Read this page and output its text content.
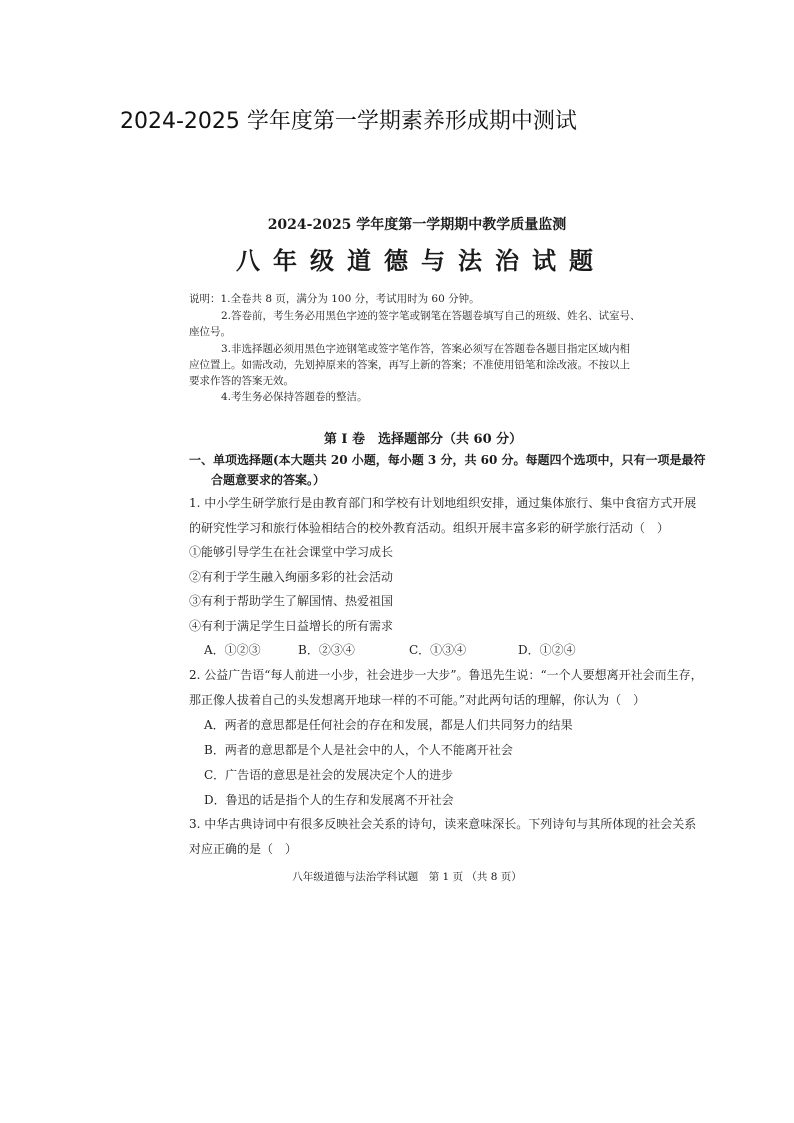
2024-2025 学年度第一学期素养形成期中测试
2024-2025 学年度第一学期期中教学质量监测
八年级道德与法治试题
说明：1.全卷共 8 页，满分为 100 分，考试用时为 60 分钟。
2.答卷前，考生务必用黑色字迹的签字笔或钢笔在答题卷填写自己的班级、姓名、试室号、
座位号。
3.非选择题必须用黑色字迹钢笔或签字笔作答，答案必须写在答题卷各题目指定区域内相
应位置上。如需改动，先划掉原来的答案，再写上新的答案；不准使用铅笔和涂改液。不按以上
要求作答的答案无效。
4.考生务必保持答题卷的整洁。
第 I 卷　选择题部分（共 60 分）
一、单项选择题(本大题共 20 小题，每小题 3 分，共 60 分。每题四个选项中，只有一项是最符
合题意要求的答案。）
1. 中小学生研学旅行是由教育部门和学校有计划地组织安排，通过集体旅行、集中食宿方式开展
的研究性学习和旅行体验相结合的校外教育活动。组织开展丰富多彩的研学旅行活动（　）
①能够引导学生在社会课堂中学习成长
②有利于学生融入绚丽多彩的社会活动
③有利于帮助学生了解国情、热爱祖国
④有利于满足学生日益增长的所有需求
A．①②③	B．②③④	C．①③④	D．①②④
2. 公益广告语“每人前进一小步，社会进步一大步”。鲁迅先生说：“一个人要想离开社会而生存，
那正像人拔着自己的头发想离开地球一样的不可能。”对此两句话的理解，你认为（　）
A．两者的意思都是任何社会的存在和发展，都是人们共同努力的结果
B．两者的意思都是个人是社会中的人，个人不能离开社会
C．广告语的意思是社会的发展决定个人的进步
D．鲁迅的话是指个人的生存和发展离不开社会
3. 中华古典诗词中有很多反映社会关系的诗句，读来意味深长。下列诗句与其所体现的社会关系
对应正确的是（　）
八年级道德与法治学科试题　第 1 页 （共 8 页）
